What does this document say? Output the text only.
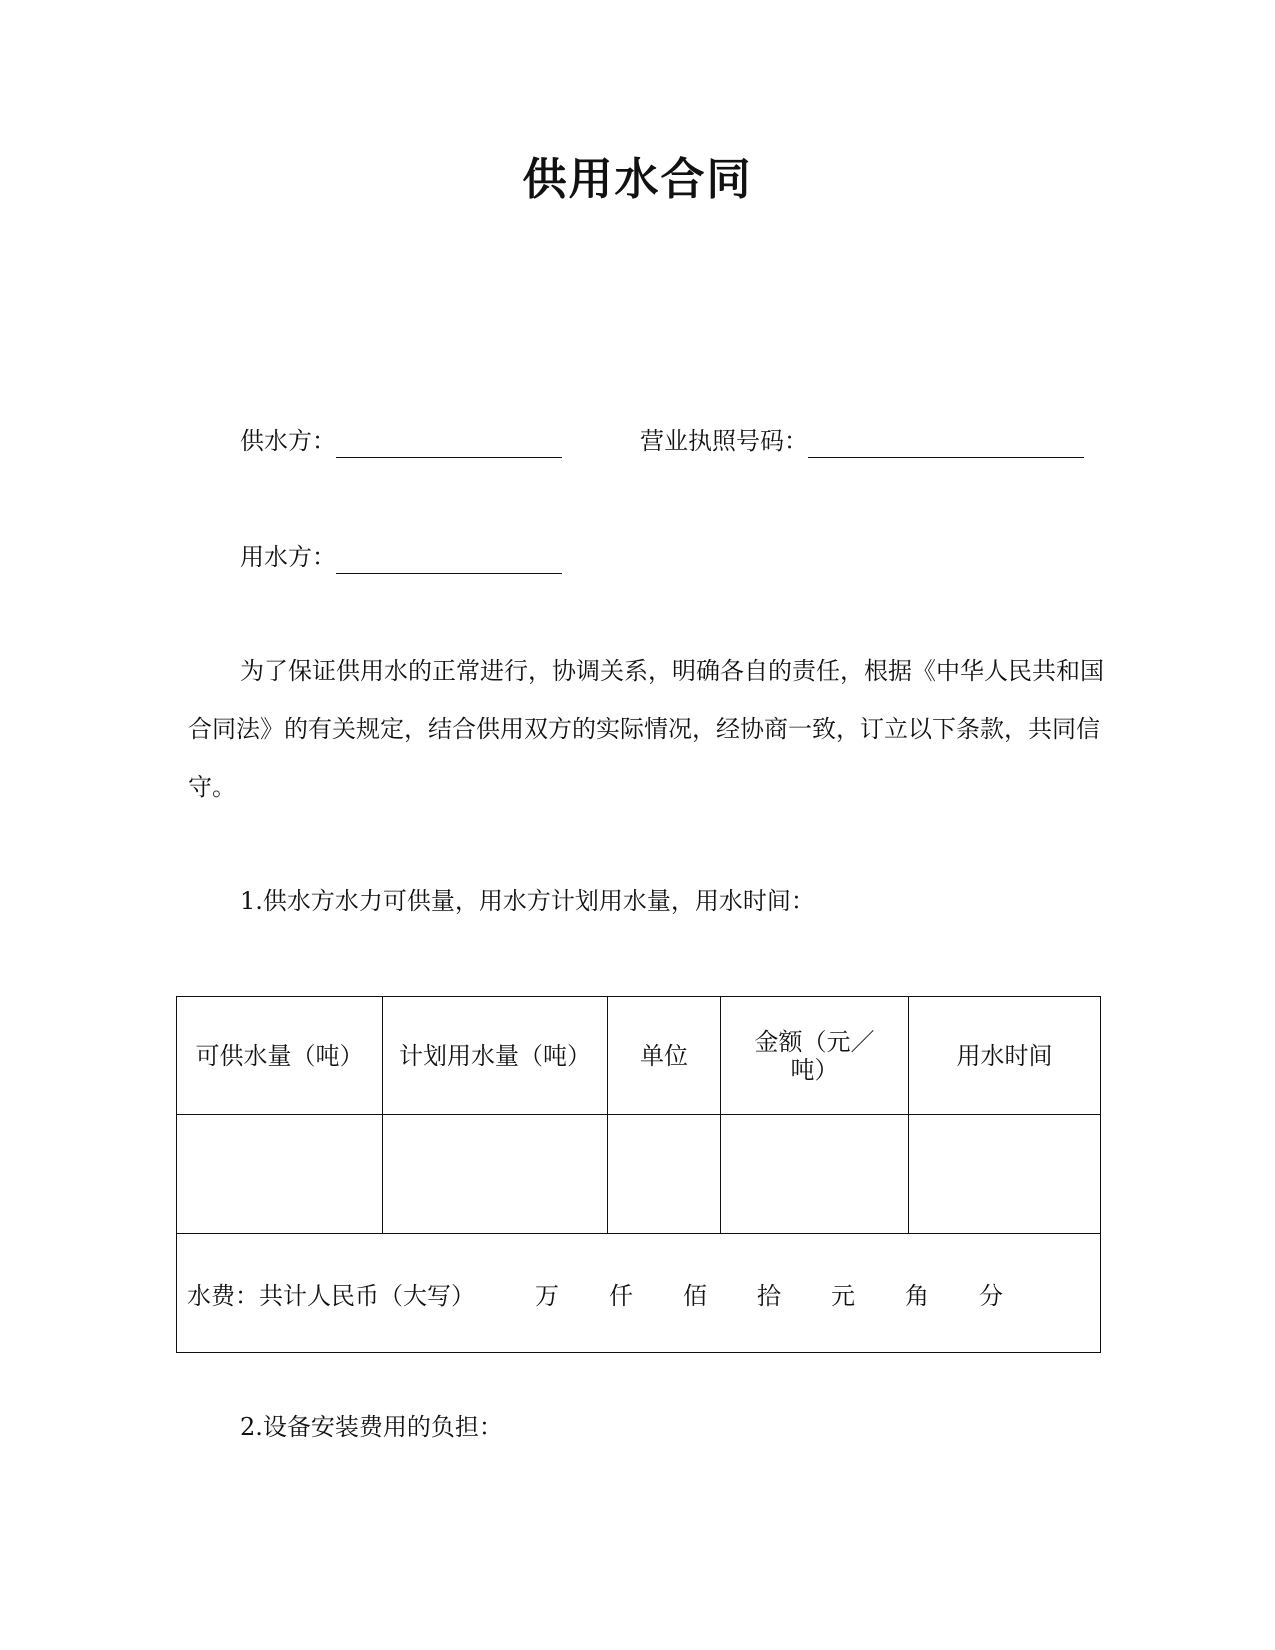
供用水合同
供水方：	营业执照号码：
用水方：
为了保证供用水的正常进行，协调关系，明确各自的责任，根据《中华人民共和国合同法》的有关规定，结合供用双方的实际情况，经协商一致，订立以下条款，共同信守。
1.供水方水力可供量，用水方计划用水量，用水时间：
可供水量（吨）	计划用水量（吨）	单位	金额（元／吨）	用水时间

水费：共计人民币（大写） 万 仟 佰 拾 元 角 分				
2.设备安装费用的负担：
